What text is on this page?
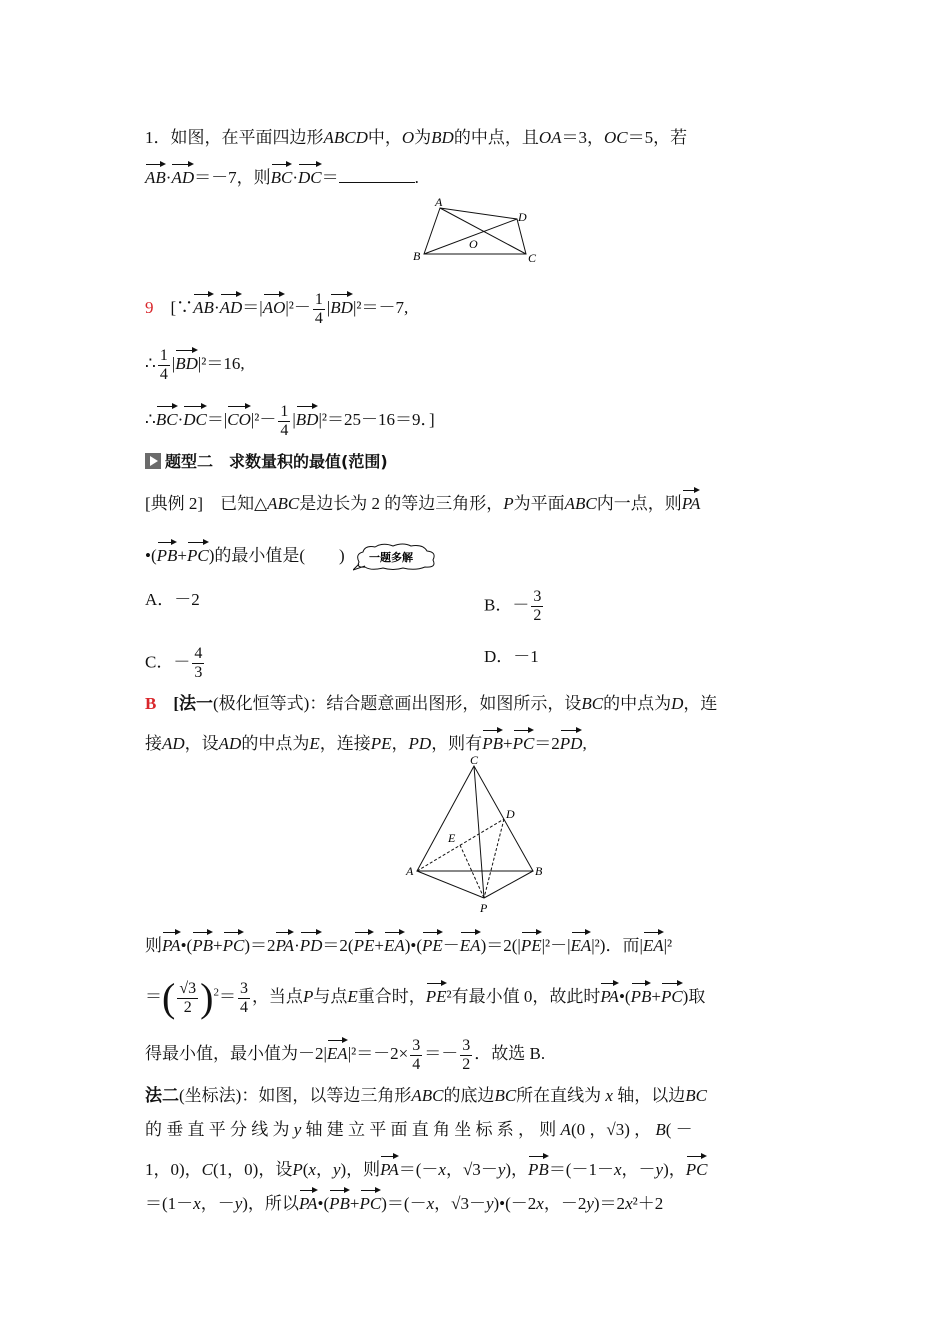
1．如图，在平面四边形ABCD中，O为BD的中点，且OA＝3，OC＝5，若
AB·AD＝－7，则BC·DC＝	.
A
B	C
D
O
9　 [∵AB·AD＝|AO|²－ $\frac{1}{4} |BD|^2=-7$,
∴ $\frac{1}{4} |BD|^2=16$,
∴BC·DC＝|CO|²－ $\frac{1}{4} |BD|^2=25-16=9$．]
题型二　求数量积的最值(范围)
[典例 2]　已知△ABC是边长为 2 的等边三角形，P为平面ABC内一点，则PA
•(PB+PC)的最小值是(　　) 一题多解
A．－2	B．－ $\frac{3}{2}$
C．－ $\frac{4}{3}$	D．－1
B　 [法一(极化恒等式)：结合题意画出图形，如图所示，设BC的中点为D，连
接AD，设AD的中点为E，连接PE，PD，则有PB+PC＝2PD,
C
A	B
D
E
P
则PA•(PB+PC)＝2PA·PD＝2(PE+EA)•(PE－EA)＝2(|PE|²－|EA|²)．而|EA|²
＝( $\frac{√3}{2} )^2= \frac{3}{4}$ ，当点P与点E重合时，PE²有最小值 0，故此时PA•(PB+PC)取
得最小值，最小值为$-2|EA|^2=-2\times \frac{3}{4} =- \frac{3}{2}$ ．故选 B.
法二(坐标法)：如图，以等边三角形ABC的底边BC所在直线为 x 轴，以边BC
的 垂 直 平 分 线 为 y 轴 建 立 平 面 直 角 坐 标 系 ， 则 A(0 ，√3) ， B( －
1，0)，C(1，0)，设P(x，y)，则PA＝(－x，√3－y)，PB＝(－1－x，－y)，PC
＝(1－x，－y)，所以PA•(PB+PC)＝(－x，√3－y)•(－2x，－2y)＝2x²＋2
